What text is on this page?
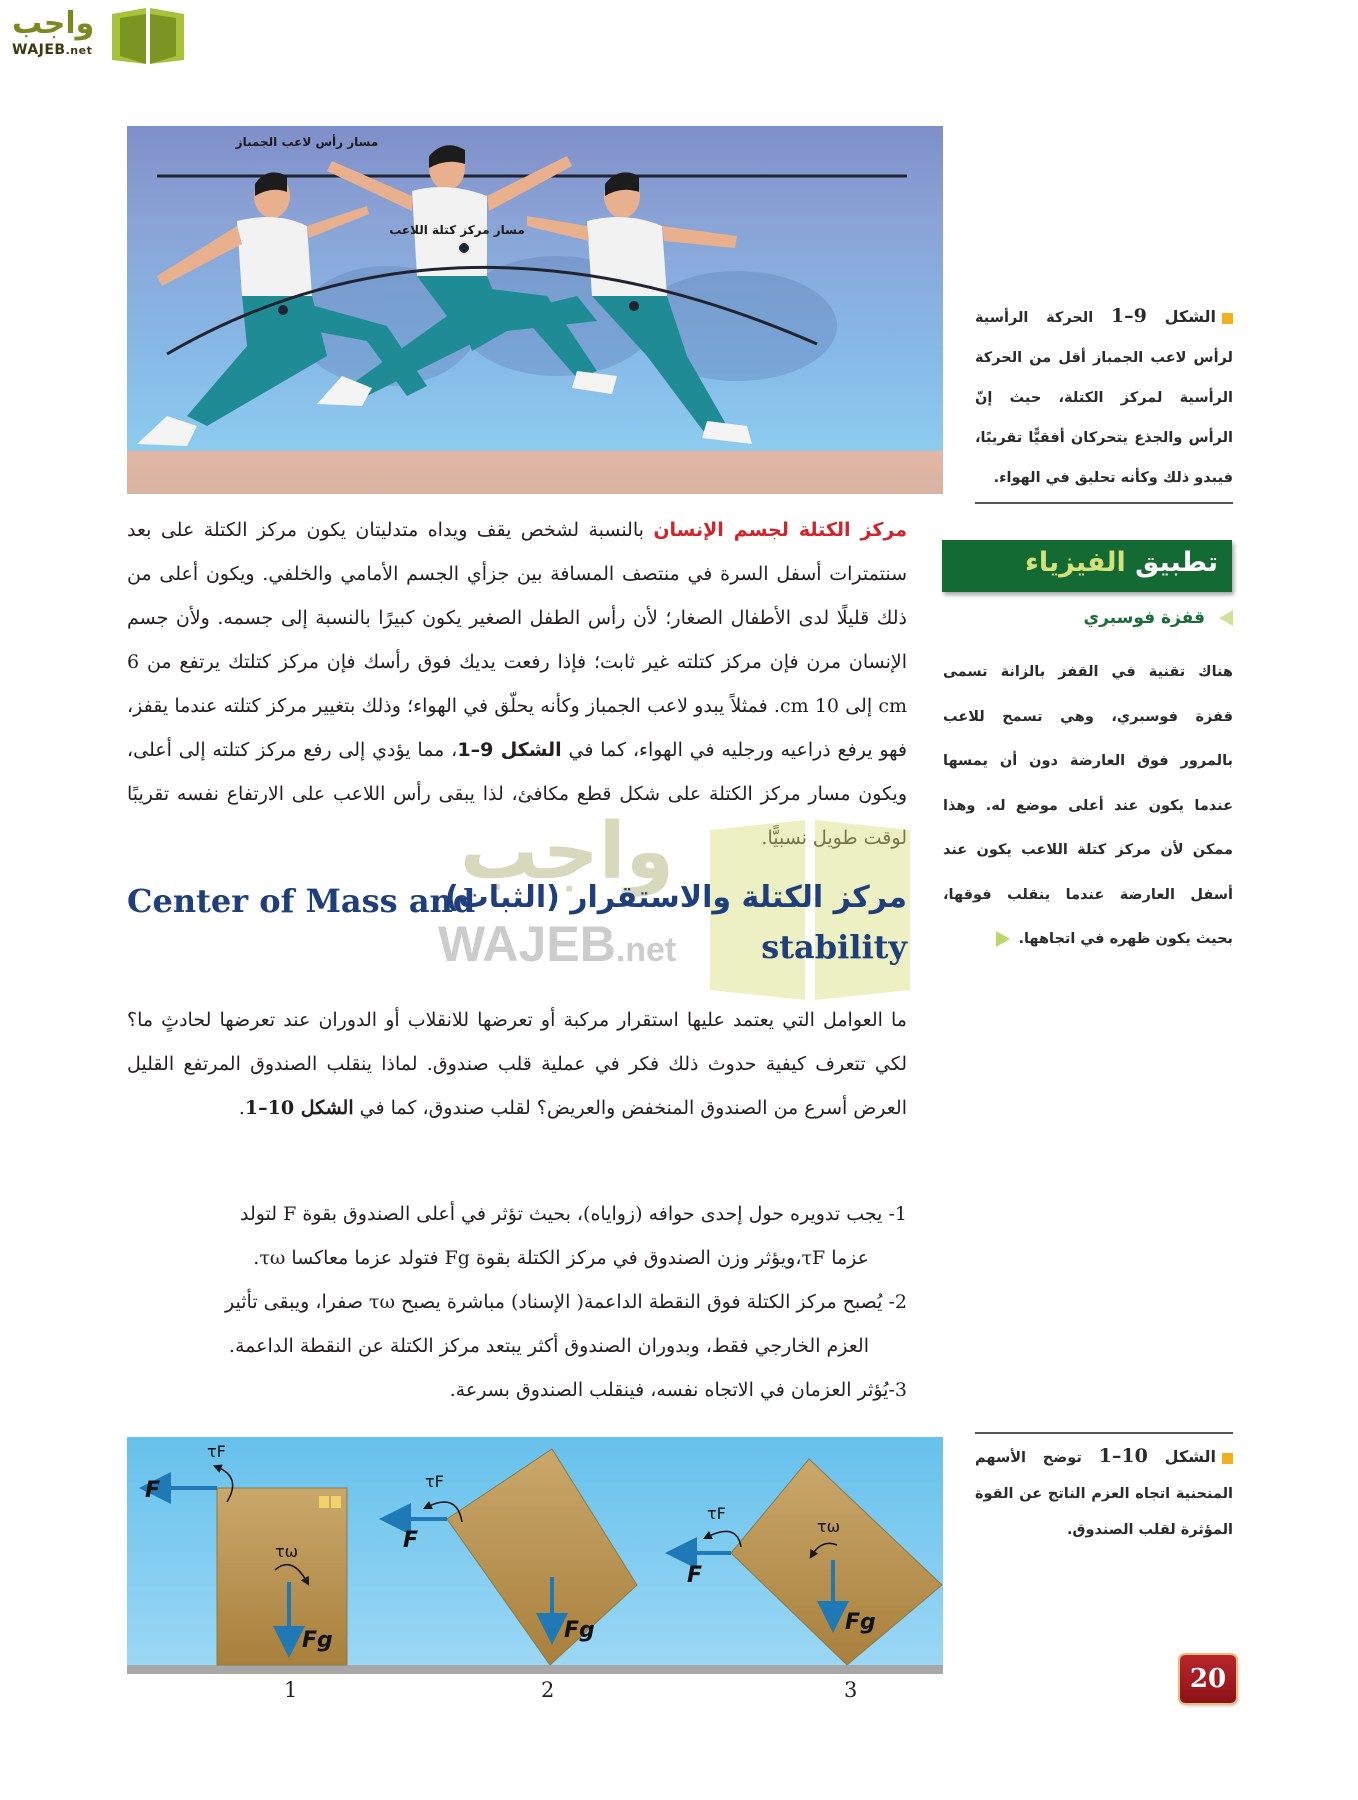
واجب
WAJEB.net
مسار رأس لاعب الجمباز
مسار مركز كتلة اللاعب
الشكل 9–1 الحركة الرأسية لرأس لاعب الجمباز أقل من الحركة الرأسية لمركز الكتلة، حيث إنّ الرأس والجذع يتحركان أفقيًّا تقريبًا، فيبدو ذلك وكأنه تحليق في الهواء.
تطبيق الفيزياء
قفزة فوسبري
هناك تقنية في القفز بالزانة تسمى قفزة فوسبري، وهي تسمح للاعب بالمرور فوق العارضة دون أن يمسها عندما يكون عند أعلى موضع له. وهذا ممكن لأن مركز كتلة اللاعب يكون عند أسفل العارضة عندما ينقلب فوقها، بحيث يكون ظهره في اتجاهها.
مركز الكتلة لجسم الإنسان بالنسبة لشخص يقف ويداه متدليتان يكون مركز الكتلة على بعد سنتمترات أسفل السرة في منتصف المسافة بين جزأي الجسم الأمامي والخلفي. ويكون أعلى من ذلك قليلًا لدى الأطفال الصغار؛ لأن رأس الطفل الصغير يكون كبيرًا بالنسبة إلى جسمه. ولأن جسم الإنسان مرن فإن مركز كتلته غير ثابت؛ فإذا رفعت يديك فوق رأسك فإن مركز كتلتك يرتفع من 6 cm إلى 10 cm. فمثلاً يبدو لاعب الجمباز وكأنه يحلّق في الهواء؛ وذلك بتغيير مركز كتلته عندما يقفز، فهو يرفع ذراعيه ورجليه في الهواء، كما في الشكل 9–1، مما يؤدي إلى رفع مركز كتلته إلى أعلى، ويكون مسار مركز الكتلة على شكل قطع مكافئ، لذا يبقى رأس اللاعب على الارتفاع نفسه تقريبًا لوقت طويل نسبيًّا.
واجب
WAJEB.net
مركز الكتلة والاستقرار (الثبات)
Center of Mass and
stability
ما العوامل التي يعتمد عليها استقرار مركبة أو تعرضها للانقلاب أو الدوران عند تعرضها لحادثٍ ما؟ لكي تتعرف كيفية حدوث ذلك فكر في عملية قلب صندوق. لماذا ينقلب الصندوق المرتفع القليل العرض أسرع من الصندوق المنخفض والعريض؟ لقلب صندوق، كما في الشكل 10–1.
1- يجب تدويره حول إحدى حوافه (زواياه)، بحيث تؤثر في أعلى الصندوق بقوة F لتولد
عزما τF،ويؤثر وزن الصندوق في مركز الكتلة بقوة Fg فتولد عزما معاكسا τω.
2- يُصبح مركز الكتلة فوق النقطة الداعمة( الإسناد) مباشرة يصبح τω صفرا، ويبقى تأثير
العزم الخارجي فقط، وبدوران الصندوق أكثر يبتعد مركز الكتلة عن النقطة الداعمة.
3-يُؤثر العزمان في الاتجاه نفسه، فينقلب الصندوق بسرعة.
F
τF
τω
Fg
F
τF
Fg
F
τF
τω
Fg
1	2	3
الشكل 10–1 توضح الأسهم المنحنية اتجاه العزم الناتج عن القوة المؤثرة لقلب الصندوق.
20
